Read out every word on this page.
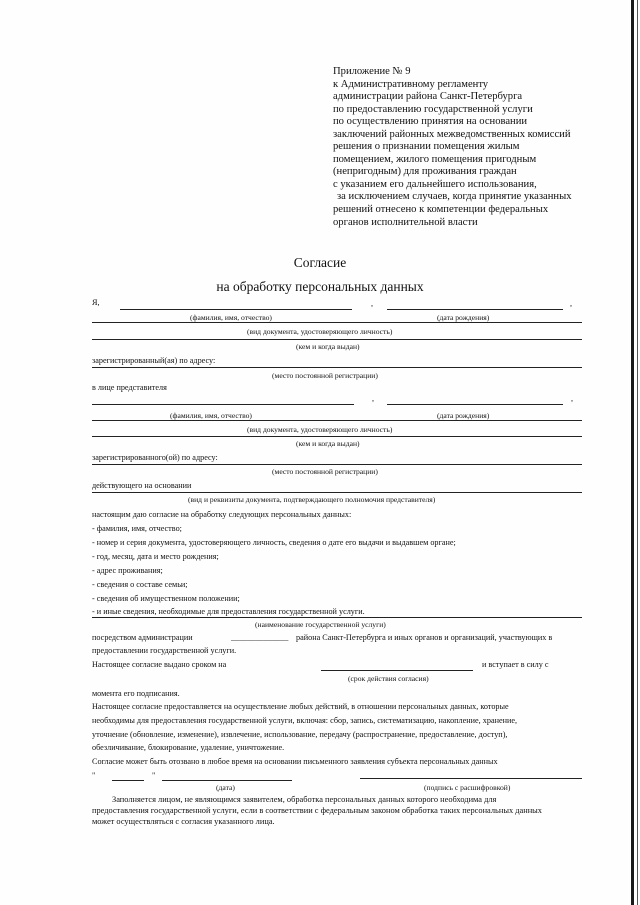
Приложение № 9
к Административному регламенту
администрации района Санкт-Петербурга
по предоставлению государственной услуги
по осуществлению принятия на основании
заключений районных межведомственных комиссий
решения о признании помещения жилым
помещением, жилого помещения пригодным
(непригодным) для проживания граждан
с указанием его дальнейшего использования,
за исключением случаев, когда принятие указанных
решений отнесено к компетенции федеральных
органов исполнительной власти
Согласие
на обработку персональных данных
Я,	,	,
(фамилия, имя, отчество)	(дата рождения)
(вид документа, удостоверяющего личность)
(кем и когда выдан)
зарегистрированный(ая) по адресу:
(место постоянной регистрации)
в лице представителя
,	,
(фамилия, имя, отчество)	(дата рождения)
(вид документа, удостоверяющего личность)
(кем и когда выдан)
зарегистрированного(ой) по адресу:
(место постоянной регистрации)
действующего на основании
(вид и реквизиты документа, подтверждающего полномочия представителя)
настоящим даю согласие на обработку следующих персональных данных:
- фамилия, имя, отчество;
- номер и серия документа, удостоверяющего личность, сведения о дате его выдачи и выдавшем органе;
- год, месяц, дата и место рождения;
- адрес проживания;
- сведения о составе семьи;
- сведения об имущественном положении;
- и иные сведения, необходимые для предоставления государственной услуги.
(наименование государственной услуги)
посредством администрации	______________ района Санкт-Петербурга и иных органов и организаций, участвующих в
предоставлении государственной услуги.
Настоящее согласие выдано сроком на	и вступает в силу с
(срок действия согласия)
момента его подписания.
Настоящее согласие предоставляется на осуществление любых действий, в отношении персональных данных, которые
необходимы для предоставления государственной услуги, включая: сбор, запись, систематизацию, накопление, хранение,
уточнение (обновление, изменение), извлечение, использование, передачу (распространение, предоставление, доступ),
обезличивание, блокирование, удаление, уничтожение.
Согласие может быть отозвано в любое время на основании письменного заявления субъекта персональных данных
"	"
(дата)	(подпись с расшифровкой)
Заполняется лицом, не являющимся заявителем, обработка персональных данных которого необходима для
предоставления государственной услуги, если в соответствии с федеральным законом обработка таких персональных данных
может осуществляться с согласия указанного лица.
